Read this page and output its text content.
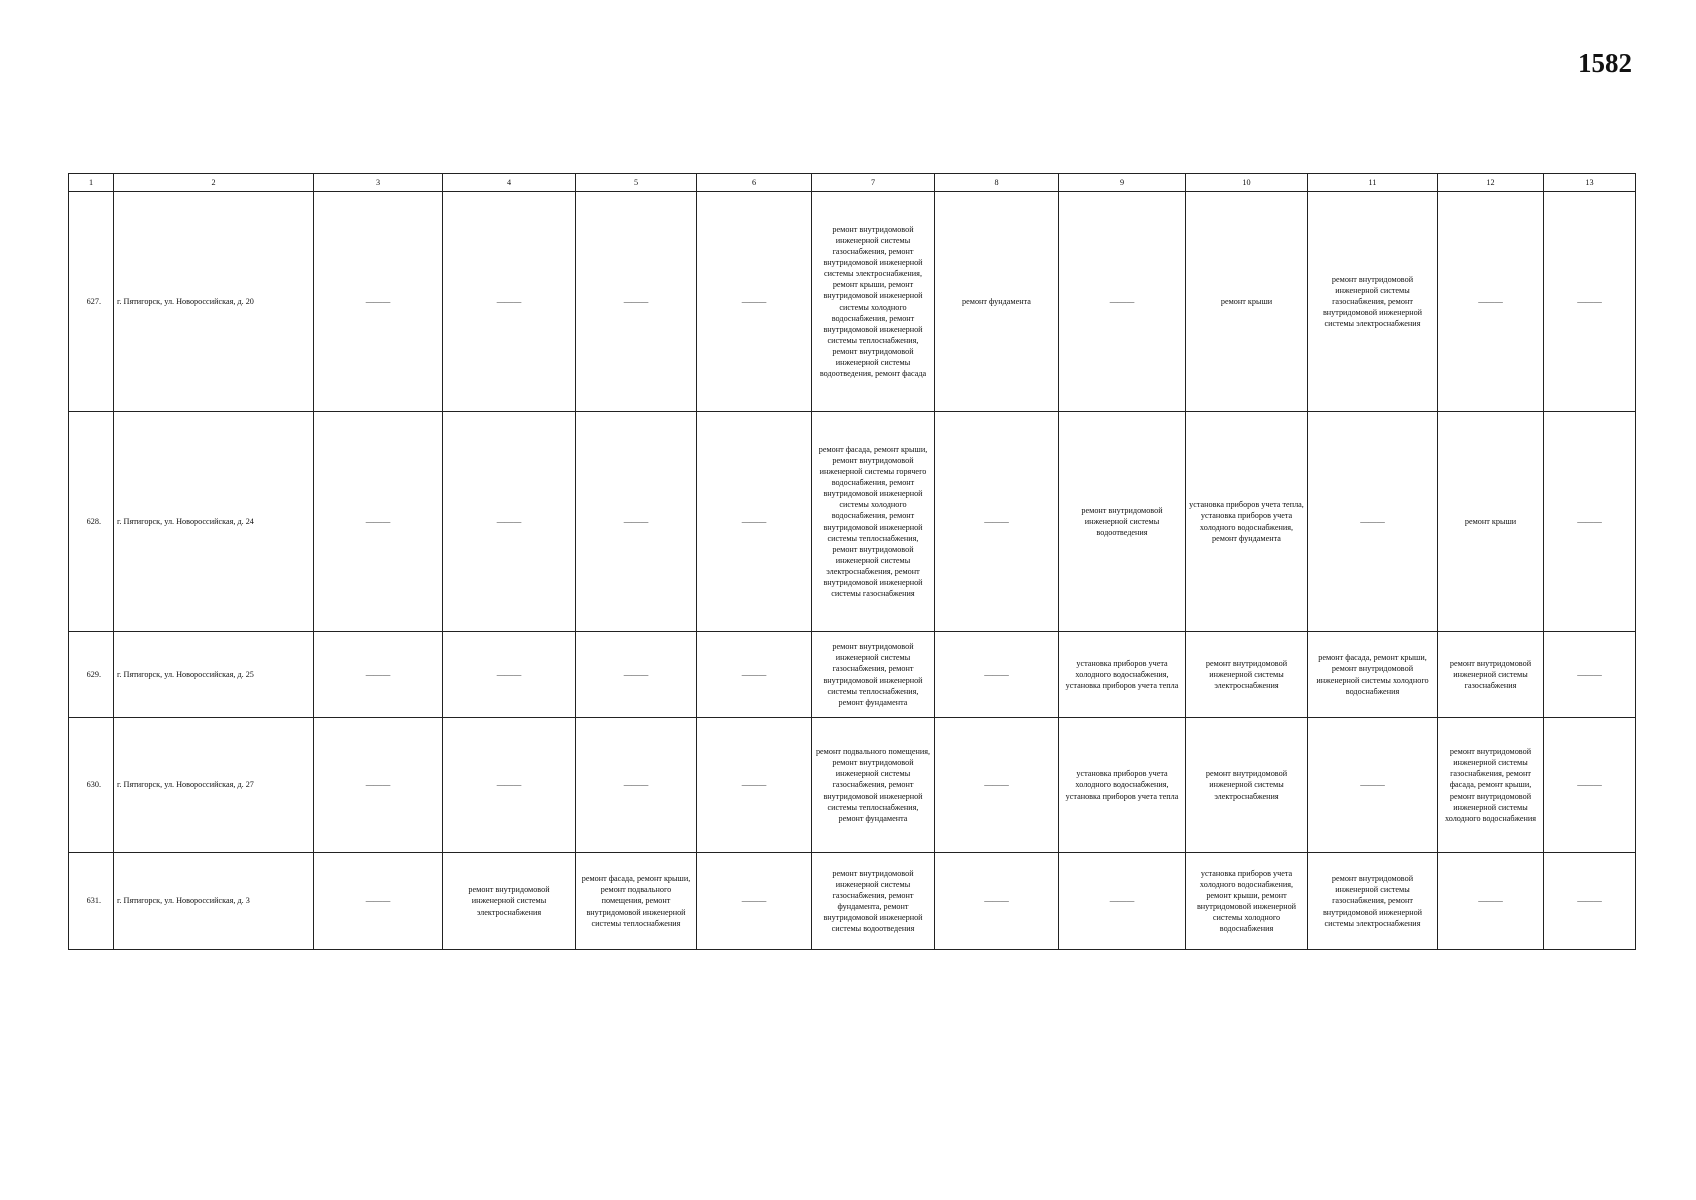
1582
1	2	3	4	5	6	7	8	9	10	11	12	13
627.	г. Пятигорск, ул. Новороссийская, д. 20	———	———	———	———	ремонт внутридомовой инженерной системы газоснабжения, ремонт внутридомовой инженерной системы электроснабжения, ремонт крыши, ремонт внутридомовой инженерной системы холодного водоснабжения, ремонт внутридомовой инженерной системы теплоснабжения, ремонт внутридомовой инженерной системы водоотведения, ремонт фасада	ремонт фундамента	———	ремонт крыши	ремонт внутридомовой инженерной системы газоснабжения, ремонт внутридомовой инженерной системы электроснабжения	———	———
628.	г. Пятигорск, ул. Новороссийская, д. 24	———	———	———	———	ремонт фасада, ремонт крыши, ремонт внутридомовой инженерной системы горячего водоснабжения, ремонт внутридомовой инженерной системы холодного водоснабжения, ремонт внутридомовой инженерной системы теплоснабжения, ремонт внутридомовой инженерной системы электроснабжения, ремонт внутридомовой инженерной системы газоснабжения	———	ремонт внутридомовой инженерной системы водоотведения	установка приборов учета тепла, установка приборов учета холодного водоснабжения, ремонт фундамента	———	ремонт крыши	———
629.	г. Пятигорск, ул. Новороссийская, д. 25	———	———	———	———	ремонт внутридомовой инженерной системы газоснабжения, ремонт внутридомовой инженерной системы теплоснабжения, ремонт фундамента	———	установка приборов учета холодного водоснабжения, установка приборов учета тепла	ремонт внутридомовой инженерной системы электроснабжения	ремонт фасада, ремонт крыши, ремонт внутридомовой инженерной системы холодного водоснабжения	ремонт внутридомовой инженерной системы газоснабжения	———
630.	г. Пятигорск, ул. Новороссийская, д. 27	———	———	———	———	ремонт подвального помещения, ремонт внутридомовой инженерной системы газоснабжения, ремонт внутридомовой инженерной системы теплоснабжения, ремонт фундамента	———	установка приборов учета холодного водоснабжения, установка приборов учета тепла	ремонт внутридомовой инженерной системы электроснабжения	———	ремонт внутридомовой инженерной системы газоснабжения, ремонт фасада, ремонт крыши, ремонт внутридомовой инженерной системы холодного водоснабжения	———
631.	г. Пятигорск, ул. Новороссийская, д. 3	———	ремонт внутридомовой инженерной системы электроснабжения	ремонт фасада, ремонт крыши, ремонт подвального помещения, ремонт внутридомовой инженерной системы теплоснабжения	———	ремонт внутридомовой инженерной системы газоснабжения, ремонт фундамента, ремонт внутридомовой инженерной системы водоотведения	———	———	установка приборов учета холодного водоснабжения, ремонт крыши, ремонт внутридомовой инженерной системы холодного водоснабжения	ремонт внутридомовой инженерной системы газоснабжения, ремонт внутридомовой инженерной системы электроснабжения	———	———
